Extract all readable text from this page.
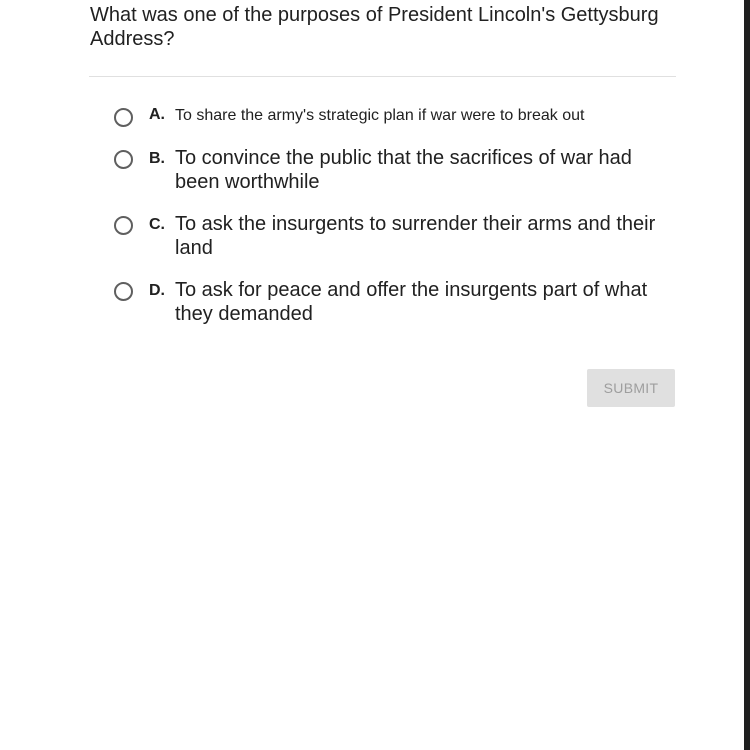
What was one of the purposes of President Lincoln's Gettysburg Address?
A. To share the army's strategic plan if war were to break out
B. To convince the public that the sacrifices of war had been worthwhile
C. To ask the insurgents to surrender their arms and their land
D. To ask for peace and offer the insurgents part of what they demanded
SUBMIT
